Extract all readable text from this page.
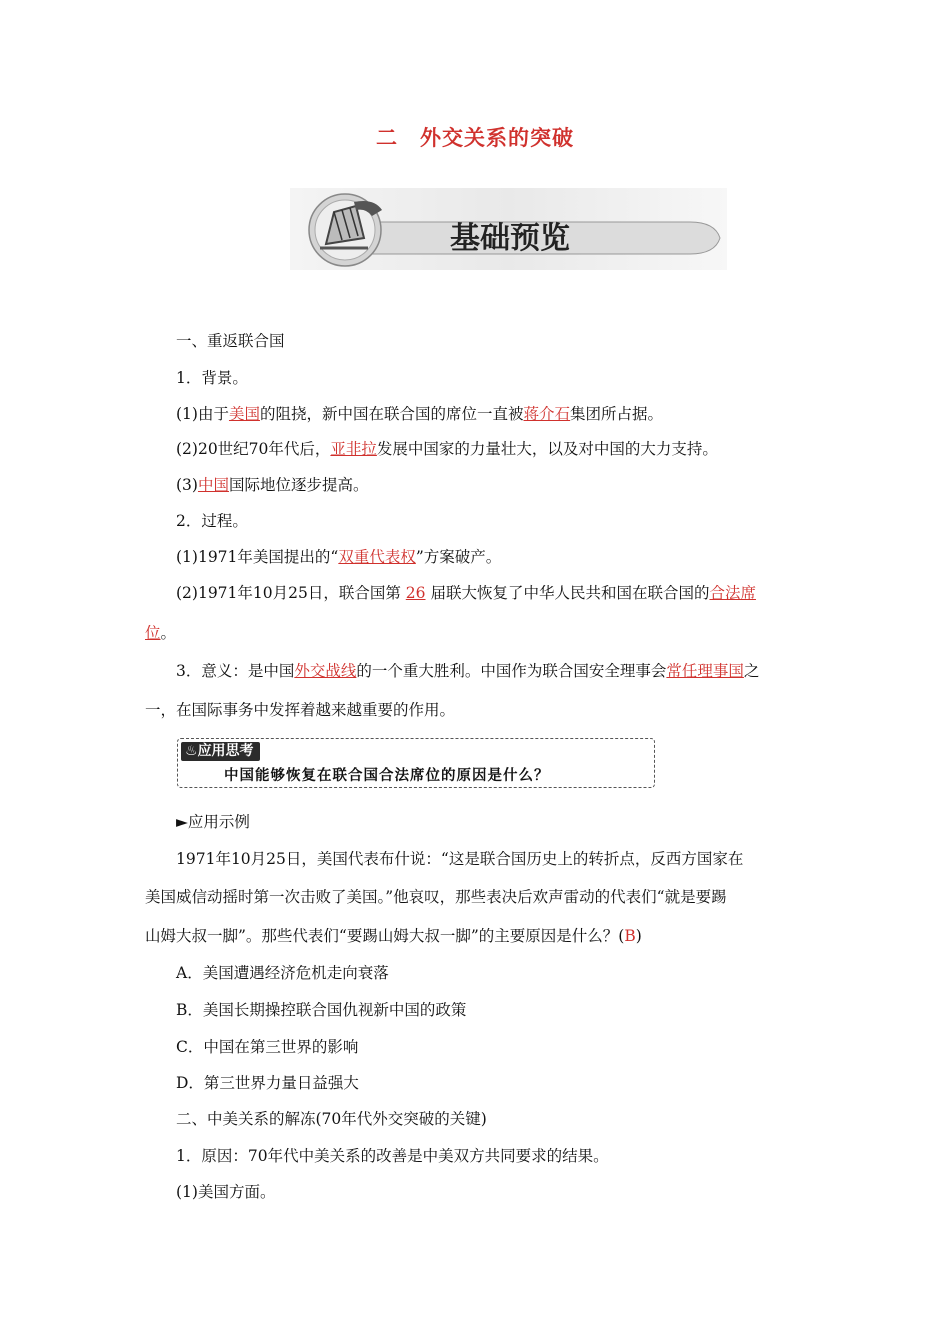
二　外交关系的突破
基础预览
一、重返联合国
1．背景。
(1)由于美国的阻挠，新中国在联合国的席位一直被蒋介石集团所占据。
(2)20世纪70年代后，亚非拉发展中国家的力量壮大，以及对中国的大力支持。
(3)中国国际地位逐步提高。
2．过程。
(1)1971年美国提出的“双重代表权”方案破产。
(2)1971年10月25日，联合国第 26 届联大恢复了中华人民共和国在联合国的合法席
位。
3．意义：是中国外交战线的一个重大胜利。中国作为联合国安全理事会常任理事国之
一，在国际事务中发挥着越来越重要的作用。
♨应用思考
中国能够恢复在联合国合法席位的原因是什么？
►应用示例
1971年10月25日，美国代表布什说：“这是联合国历史上的转折点，反西方国家在
美国威信动摇时第一次击败了美国。”他哀叹，那些表决后欢声雷动的代表们“就是要踢
山姆大叔一脚”。那些代表们“要踢山姆大叔一脚”的主要原因是什么？(B)
A．美国遭遇经济危机走向衰落
B．美国长期操控联合国仇视新中国的政策
C．中国在第三世界的影响
D．第三世界力量日益强大
二、中美关系的解冻(70年代外交突破的关键)
1．原因：70年代中美关系的改善是中美双方共同要求的结果。
(1)美国方面。
